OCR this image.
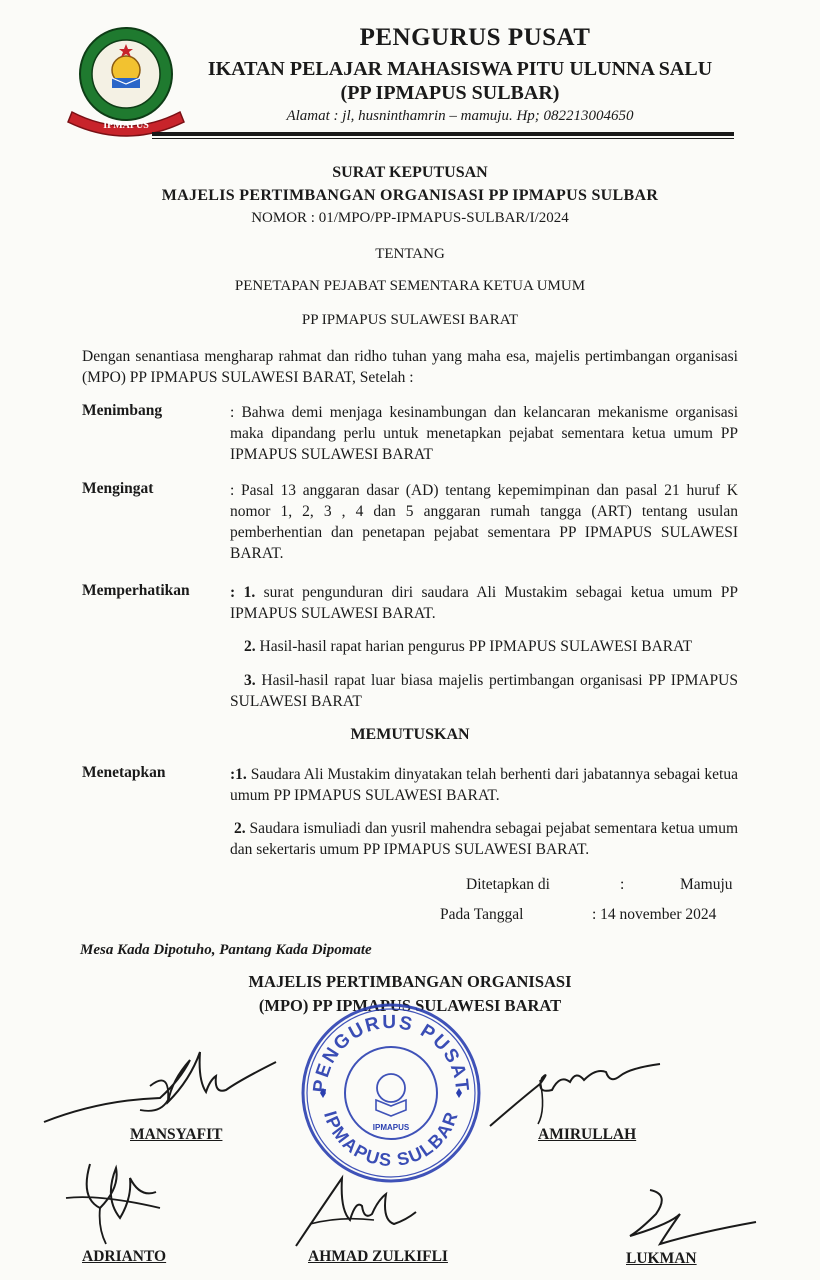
IPMAPUS
PENGURUS PUSAT
IKATAN PELAJAR MAHASISWA PITU ULUNNA SALU
(PP IPMAPUS SULBAR)
Alamat : jl, husninthamrin – mamuju. Hp; 082213004650
SURAT KEPUTUSAN
MAJELIS PERTIMBANGAN ORGANISASI PP IPMAPUS SULBAR
NOMOR : 01/MPO/PP-IPMAPUS-SULBAR/I/2024
TENTANG
PENETAPAN PEJABAT SEMENTARA KETUA UMUM
PP IPMAPUS SULAWESI BARAT
Dengan senantiasa mengharap rahmat dan ridho tuhan yang maha esa, majelis pertimbangan organisasi (MPO) PP IPMAPUS SULAWESI BARAT, Setelah :
Menimbang	: Bahwa demi menjaga kesinambungan dan kelancaran mekanisme organisasi maka dipandang perlu untuk menetapkan pejabat sementara ketua umum PP IPMAPUS SULAWESI BARAT
Mengingat	: Pasal 13 anggaran dasar (AD) tentang kepemimpinan dan pasal 21 huruf K nomor 1, 2, 3 , 4 dan 5 anggaran rumah tangga (ART) tentang usulan pemberhentian dan penetapan pejabat sementara PP IPMAPUS SULAWESI BARAT.
Memperhatikan	: 1. surat pengunduran diri saudara Ali Mustakim sebagai ketua umum PP IPMAPUS SULAWESI BARAT.
2. Hasil-hasil rapat harian pengurus PP IPMAPUS SULAWESI BARAT
3. Hasil-hasil rapat luar biasa majelis pertimbangan organisasi PP IPMAPUS SULAWESI BARAT
MEMUTUSKAN
Menetapkan	:1. Saudara Ali Mustakim dinyatakan telah berhenti dari jabatannya sebagai ketua umum PP IPMAPUS SULAWESI BARAT.
2. Saudara ismuliadi dan yusril mahendra sebagai pejabat sementara ketua umum dan sekertaris umum PP IPMAPUS SULAWESI BARAT.
Ditetapkan di	:	Mamuju
Pada Tanggal	: 14 november 2024
Mesa Kada Dipotuho, Pantang Kada Dipomate
MAJELIS PERTIMBANGAN ORGANISASI
(MPO) PP IPMAPUS SULAWESI BARAT
PENGURUS PUSAT
IPMAPUS SULBAR
IPMAPUS
MANSYAFIT	AMIRULLAH
ADRIANTO	AHMAD ZULKIFLI	LUKMAN
